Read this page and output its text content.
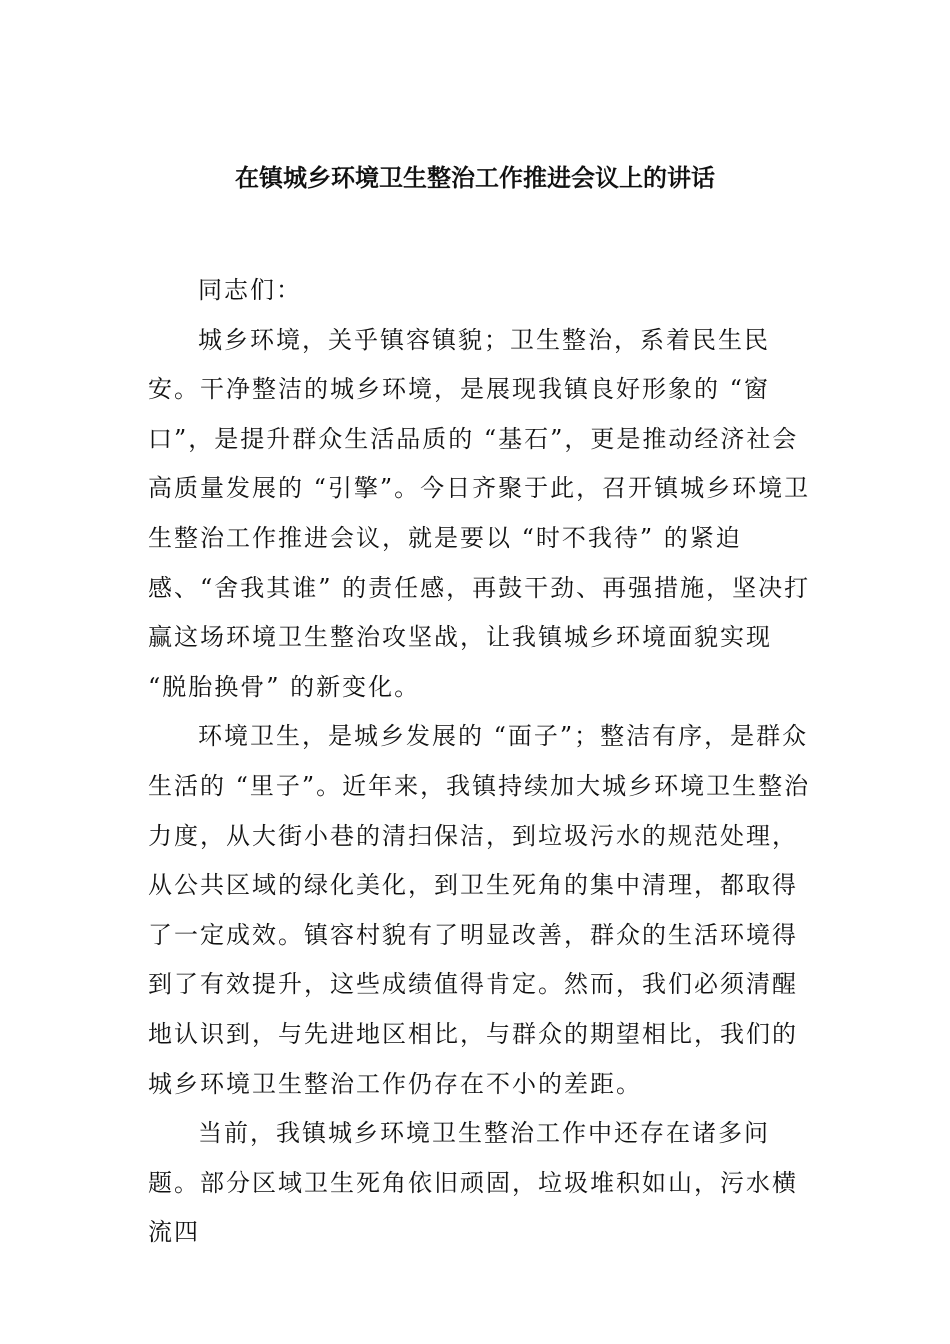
在镇城乡环境卫生整治工作推进会议上的讲话

同志们：

城乡环境，关乎镇容镇貌；卫生整治，系着民生民安。干净整洁的城乡环境，是展现我镇良好形象的 “窗口”，是提升群众生活品质的 “基石”，更是推动经济社会高质量发展的 “引擎”。今日齐聚于此，召开镇城乡环境卫生整治工作推进会议，就是要以 “时不我待” 的紧迫感、“舍我其谁” 的责任感，再鼓干劲、再强措施，坚决打赢这场环境卫生整治攻坚战，让我镇城乡环境面貌实现 “脱胎换骨” 的新变化。

环境卫生，是城乡发展的 “面子”；整洁有序，是群众生活的 “里子”。近年来，我镇持续加大城乡环境卫生整治力度，从大街小巷的清扫保洁，到垃圾污水的规范处理，从公共区域的绿化美化，到卫生死角的集中清理，都取得了一定成效。镇容村貌有了明显改善，群众的生活环境得到了有效提升，这些成绩值得肯定。然而，我们必须清醒地认识到，与先进地区相比，与群众的期望相比，我们的城乡环境卫生整治工作仍存在不小的差距。

当前，我镇城乡环境卫生整治工作中还存在诸多问题。部分区域卫生死角依旧顽固，垃圾堆积如山，污水横流四
